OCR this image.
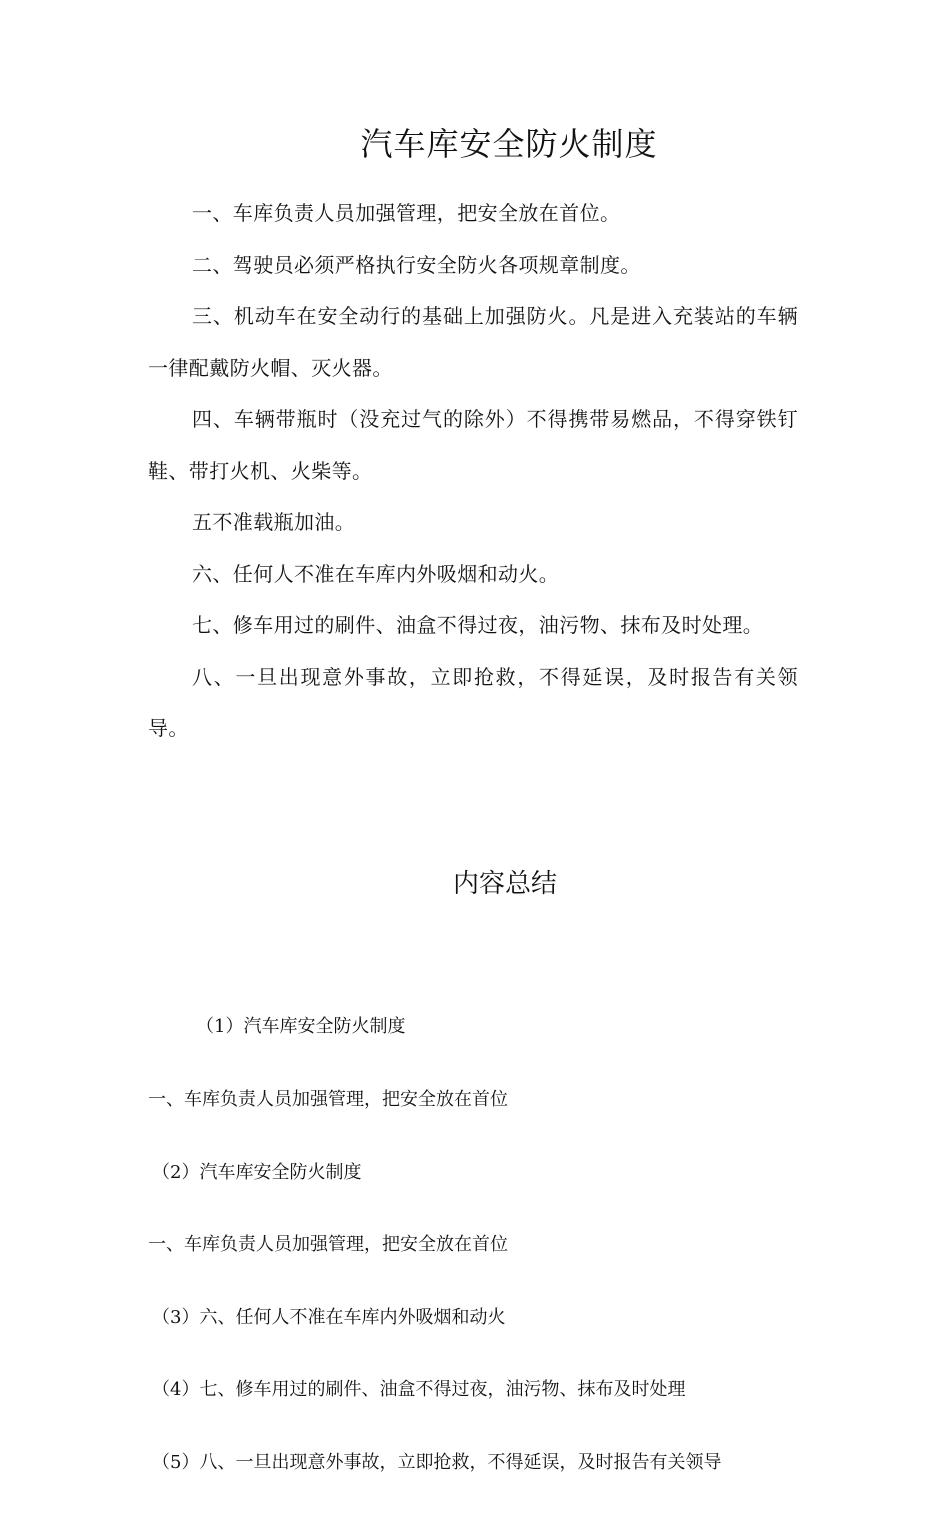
汽车库安全防火制度

一、车库负责人员加强管理，把安全放在首位。

二、驾驶员必须严格执行安全防火各项规章制度。

三、机动车在安全动行的基础上加强防火。凡是进入充装站的车辆一律配戴防火帽、灭火器。

四、车辆带瓶时（没充过气的除外）不得携带易燃品，不得穿铁钉鞋、带打火机、火柴等。

五不准载瓶加油。

六、任何人不准在车库内外吸烟和动火。

七、修车用过的刷件、油盒不得过夜，油污物、抹布及时处理。

八、一旦出现意外事故，立即抢救，不得延误，及时报告有关领导。

内容总结

（1）汽车库安全防火制度

一、车库负责人员加强管理，把安全放在首位

（2）汽车库安全防火制度

一、车库负责人员加强管理，把安全放在首位

（3）六、任何人不准在车库内外吸烟和动火

（4）七、修车用过的刷件、油盒不得过夜，油污物、抹布及时处理

（5）八、一旦出现意外事故，立即抢救，不得延误，及时报告有关领导
